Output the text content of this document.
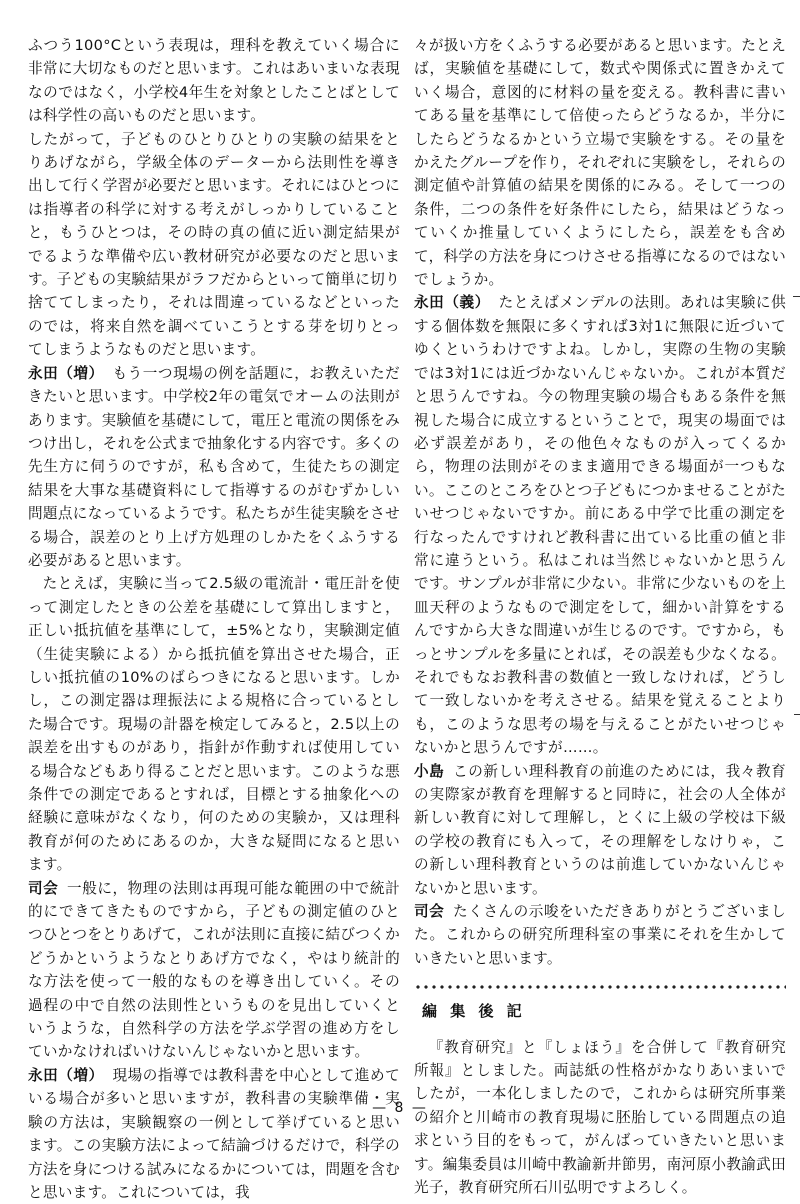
ふつう100°Cという表現は，理科を教えていく場合に非常に大切なものだと思います。これはあいまいな表現なのではなく，小学校4年生を対象としたことばとしては科学性の高いものだと思います。

したがって，子どものひとりひとりの実験の結果をとりあげながら，学級全体のデーターから法則性を導き出して行く学習が必要だと思います。それにはひとつには指導者の科学に対する考えがしっかりしていることと，もうひとつは，その時の真の値に近い測定結果がでるような準備や広い教材研究が必要なのだと思います。子どもの実験結果がラフだからといって簡単に切り捨ててしまったり，それは間違っているなどといったのでは，将来自然を調べていこうとする芽を切りとってしまうようなものだと思います。

永田（増） もう一つ現場の例を話題に，お教えいただきたいと思います。中学校2年の電気でオームの法則があります。実験値を基礎にして，電圧と電流の関係をみつけ出し，それを公式まで抽象化する内容です。多くの先生方に伺うのですが，私も含めて，生徒たちの測定結果を大事な基礎資料にして指導するのがむずかしい問題点になっているようです。私たちが生徒実験をさせる場合，誤差のとり上げ方処理のしかたをくふうする必要があると思います。

たとえば，実験に当って2.5級の電流計・電圧計を使って測定したときの公差を基礎にして算出しますと，正しい抵抗値を基準にして，±5%となり，実験測定値（生徒実験による）から抵抗値を算出させた場合，正しい抵抗値の10%のばらつきになると思います。しかし，この測定器は理振法による規格に合っているとした場合です。現場の計器を検定してみると，2.5以上の誤差を出すものがあり，指針が作動すれば使用している場合などもあり得ることだと思います。このような悪条件での測定であるとすれば，目標とする抽象化への経験に意味がなくなり，何のための実験か，又は理科教育が何のためにあるのか，大きな疑問になると思います。

司会 一般に，物理の法則は再現可能な範囲の中で統計的にできてきたものですから，子どもの測定値のひとつひとつをとりあげて，これが法則に直接に結びつくかどうかというようなとりあげ方でなく，やはり統計的な方法を使って一般的なものを導き出していく。その過程の中で自然の法則性というものを見出していくというような，自然科学の方法を学ぶ学習の進め方をしていかなければいけないんじゃないかと思います。

永田（増） 現場の指導では教科書を中心として進めている場合が多いと思いますが，教科書の実験準備・実験の方法は，実験観察の一例として挙げていると思います。この実験方法によって結論づけるだけで，科学の方法を身につける試みになるかについては，問題を含むと思います。これについては，我

々が扱い方をくふうする必要があると思います。たとえば，実験値を基礎にして，数式や関係式に置きかえていく場合，意図的に材料の量を変える。教科書に書いてある量を基準にして倍使ったらどうなるか，半分にしたらどうなるかという立場で実験をする。その量をかえたグループを作り，それぞれに実験をし，それらの測定値や計算値の結果を関係的にみる。そして一つの条件，二つの条件を好条件にしたら，結果はどうなっていくか推量していくようにしたら，誤差をも含めて，科学の方法を身につけさせる指導になるのではないでしょうか。

永田（義） たとえばメンデルの法則。あれは実験に供する個体数を無限に多くすれば3対1に無限に近づいてゆくというわけですよね。しかし，実際の生物の実験では3対1には近づかないんじゃないか。これが本質だと思うんですね。今の物理実験の場合もある条件を無視した場合に成立するということで，現実の場面では必ず誤差があり，その他色々なものが入ってくるから，物理の法則がそのまま適用できる場面が一つもない。ここのところをひとつ子どもにつかませることがたいせつじゃないですか。前にある中学で比重の測定を行なったんですけれど教科書に出ている比重の値と非常に違うという。私はこれは当然じゃないかと思うんです。サンプルが非常に少ない。非常に少ないものを上皿天秤のようなもので測定をして，細かい計算をするんですから大きな間違いが生じるのです。ですから，もっとサンプルを多量にとれば，その誤差も少なくなる。それでもなお教科書の数値と一致しなければ，どうして一致しないかを考えさせる。結果を覚えることよりも，このような思考の場を与えることがたいせつじゃないかと思うんですが……。

小島 この新しい理科教育の前進のためには，我々教育の実際家が教育を理解すると同時に，社会の人全体が新しい教育に対して理解し，とくに上級の学校は下級の学校の教育にも入って，その理解をしなけりゃ，この新しい理科教育というのは前進していかないんじゃないかと思います。

司会 たくさんの示唆をいただきありがとうございました。これからの研究所理科室の事業にそれを生かしていきたいと思います。

編 集 後 記

『教育研究』と『しょほう』を合併して『教育研究所報』としました。両誌紙の性格がかなりあいまいでしたが，一本化しましたので，これからは研究所事業の紹介と川崎市の教育現場に胚胎している問題点の追求という目的をもって，がんばっていきたいと思います。編集委員は川崎中教諭新井節男，南河原小教諭武田光子，教育研究所石川弘明ですよろしく。

— 8 —
